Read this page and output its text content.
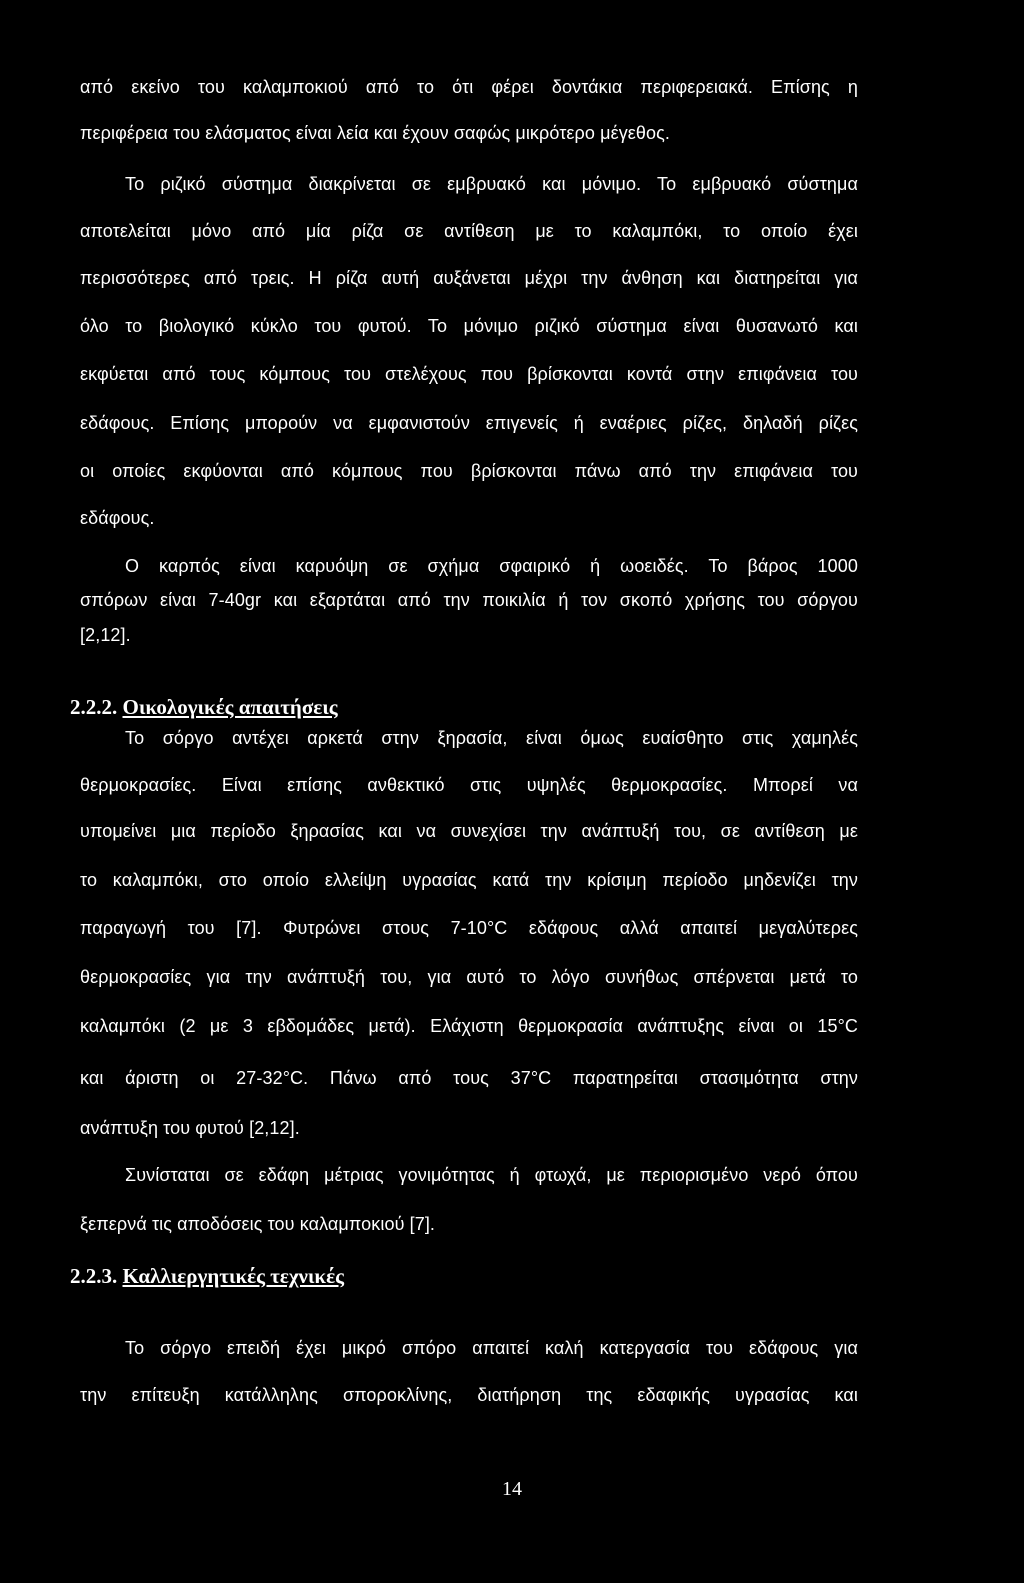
από εκείνο του καλαμποκιού από το ότι φέρει δοντάκια περιφερειακά. Επίσης η
περιφέρεια του ελάσματος είναι λεία και έχουν σαφώς μικρότερο μέγεθος.
Το ριζικό σύστημα διακρίνεται σε εμβρυακό και μόνιμο. Το εμβρυακό σύστημα
αποτελείται μόνο από μία ρίζα σε αντίθεση με το καλαμπόκι, το οποίο έχει
περισσότερες από τρεις. Η ρίζα αυτή αυξάνεται μέχρι την άνθηση και διατηρείται για
όλο το βιολογικό κύκλο του φυτού. Το μόνιμο ριζικό σύστημα είναι θυσανωτό και
εκφύεται από τους κόμπους του στελέχους που βρίσκονται κοντά στην επιφάνεια του
εδάφους. Επίσης μπορούν να εμφανιστούν επιγενείς ή εναέριες ρίζες, δηλαδή ρίζες
οι οποίες εκφύονται από κόμπους που βρίσκονται πάνω από την επιφάνεια του
εδάφους.
Ο καρπός είναι καρυόψη σε σχήμα σφαιρικό ή ωοειδές. Το βάρος 1000
σπόρων είναι 7-40gr και εξαρτάται από την ποικιλία ή τον σκοπό χρήσης του σόργου
[2,12].
2.2.2. Οικολογικές απαιτήσεις
Το σόργο αντέχει αρκετά στην ξηρασία, είναι όμως ευαίσθητο στις χαμηλές
θερμοκρασίες. Είναι επίσης ανθεκτικό στις υψηλές θερμοκρασίες. Μπορεί να
υπομείνει μια περίοδο ξηρασίας και να συνεχίσει την ανάπτυξή του, σε αντίθεση με
το καλαμπόκι, στο οποίο ελλείψη υγρασίας κατά την κρίσιμη περίοδο μηδενίζει την
παραγωγή του [7]. Φυτρώνει στους 7-10°C εδάφους αλλά απαιτεί μεγαλύτερες
θερμοκρασίες για την ανάπτυξή του, για αυτό το λόγο συνήθως σπέρνεται μετά το
καλαμπόκι (2 με 3 εβδομάδες μετά). Ελάχιστη θερμοκρασία ανάπτυξης είναι οι 15°C
και άριστη οι 27-32°C. Πάνω από τους 37°C παρατηρείται στασιμότητα στην
ανάπτυξη του φυτού [2,12].
Συνίσταται σε εδάφη μέτριας γονιμότητας ή φτωχά, με περιορισμένο νερό όπου
ξεπερνά τις αποδόσεις του καλαμποκιού [7].
2.2.3. Καλλιεργητικές τεχνικές
Το σόργο επειδή έχει μικρό σπόρο απαιτεί καλή κατεργασία του εδάφους για
την επίτευξη κατάλληλης σποροκλίνης, διατήρηση της εδαφικής υγρασίας και
14
